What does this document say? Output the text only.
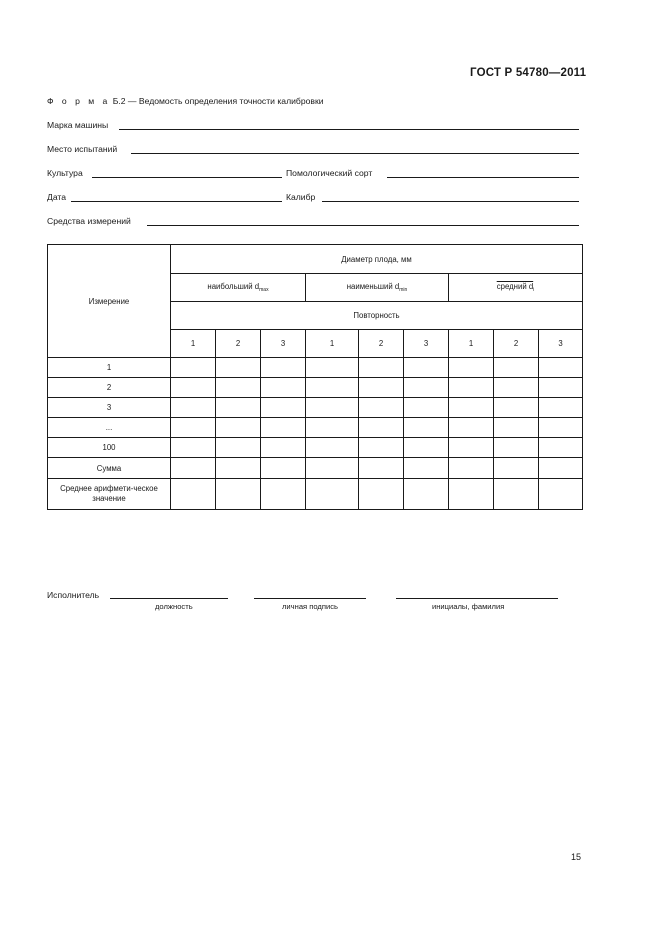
ГОСТ Р 54780—2011
Ф о р м а Б.2 — Ведомость определения точности калибровки
Марка машины
Место испытаний
Культура	Помологический сорт
Дата	Калибр
Средства измерений
Измерение	Диаметр плода, мм								
	наибольший $d_{max}$			наименьший $d_{min}$			средний $d_i$
	Повторность								
	1	2	3	1	2	3	1	2	3
1									
2									
3									
...									
100									
Сумма									
Среднее арифмети-ческое значение									
Исполнитель
должность	личная подпись	инициалы, фамилия
15
